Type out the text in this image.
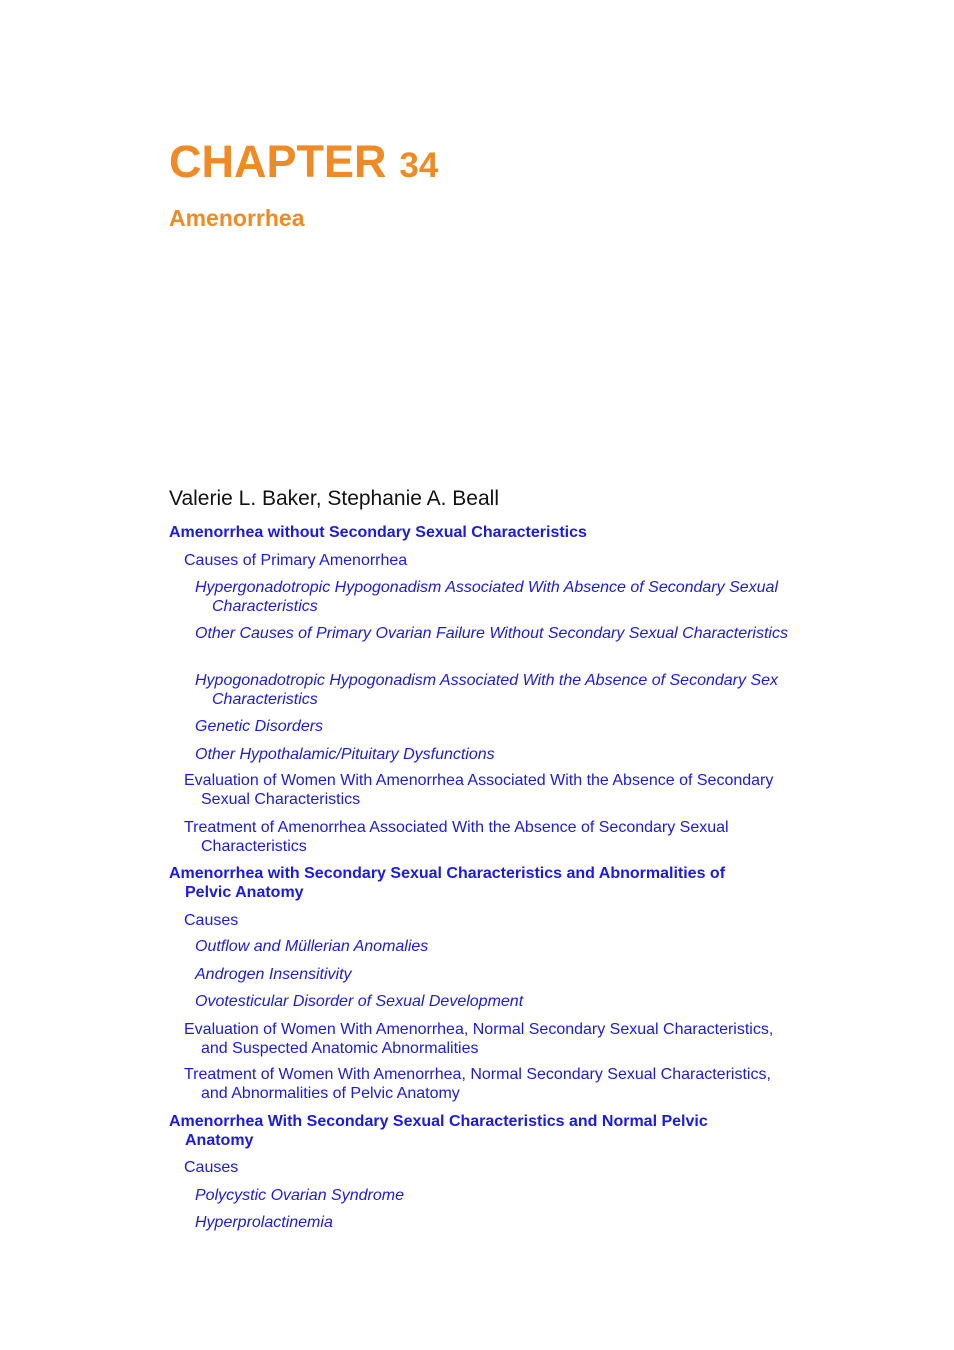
CHAPTER 34
Amenorrhea
Valerie L. Baker, Stephanie A. Beall
Amenorrhea without Secondary Sexual Characteristics
Causes of Primary Amenorrhea
Hypergonadotropic Hypogonadism Associated With Absence of Secondary Sexual Characteristics
Other Causes of Primary Ovarian Failure Without Secondary Sexual Characteristics
Hypogonadotropic Hypogonadism Associated With the Absence of Secondary Sex Characteristics
Genetic Disorders
Other Hypothalamic/Pituitary Dysfunctions
Evaluation of Women With Amenorrhea Associated With the Absence of Secondary Sexual Characteristics
Treatment of Amenorrhea Associated With the Absence of Secondary Sexual Characteristics
Amenorrhea with Secondary Sexual Characteristics and Abnormalities of Pelvic Anatomy
Causes
Outflow and Müllerian Anomalies
Androgen Insensitivity
Ovotesticular Disorder of Sexual Development
Evaluation of Women With Amenorrhea, Normal Secondary Sexual Characteristics, and Suspected Anatomic Abnormalities
Treatment of Women With Amenorrhea, Normal Secondary Sexual Characteristics, and Abnormalities of Pelvic Anatomy
Amenorrhea With Secondary Sexual Characteristics and Normal Pelvic Anatomy
Causes
Polycystic Ovarian Syndrome
Hyperprolactinemia
